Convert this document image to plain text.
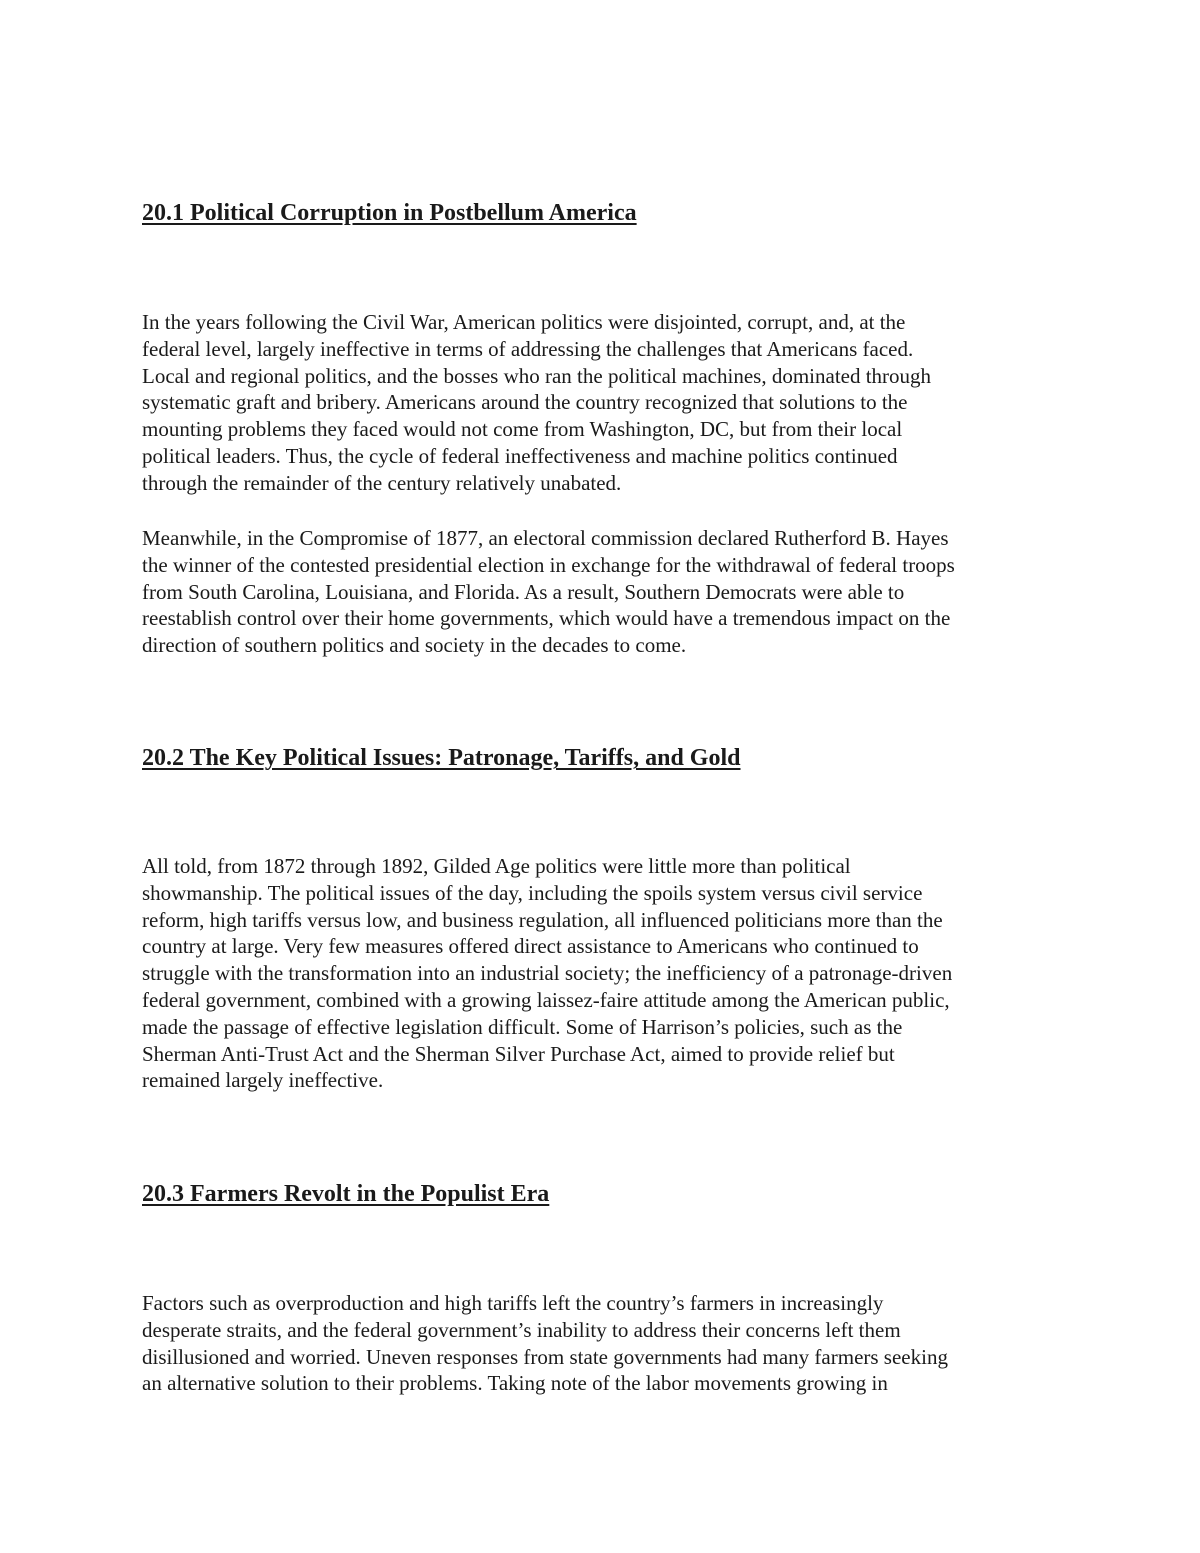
20.1 Political Corruption in Postbellum America

In the years following the Civil War, American politics were disjointed, corrupt, and, at the
federal level, largely ineffective in terms of addressing the challenges that Americans faced.
Local and regional politics, and the bosses who ran the political machines, dominated through
systematic graft and bribery. Americans around the country recognized that solutions to the
mounting problems they faced would not come from Washington, DC, but from their local
political leaders. Thus, the cycle of federal ineffectiveness and machine politics continued
through the remainder of the century relatively unabated.

Meanwhile, in the Compromise of 1877, an electoral commission declared Rutherford B. Hayes
the winner of the contested presidential election in exchange for the withdrawal of federal troops
from South Carolina, Louisiana, and Florida. As a result, Southern Democrats were able to
reestablish control over their home governments, which would have a tremendous impact on the
direction of southern politics and society in the decades to come.

20.2 The Key Political Issues: Patronage, Tariffs, and Gold

All told, from 1872 through 1892, Gilded Age politics were little more than political
showmanship. The political issues of the day, including the spoils system versus civil service
reform, high tariffs versus low, and business regulation, all influenced politicians more than the
country at large. Very few measures offered direct assistance to Americans who continued to
struggle with the transformation into an industrial society; the inefficiency of a patronage-driven
federal government, combined with a growing laissez-faire attitude among the American public,
made the passage of effective legislation difficult. Some of Harrison’s policies, such as the
Sherman Anti-Trust Act and the Sherman Silver Purchase Act, aimed to provide relief but
remained largely ineffective.

20.3 Farmers Revolt in the Populist Era

Factors such as overproduction and high tariffs left the country’s farmers in increasingly
desperate straits, and the federal government’s inability to address their concerns left them
disillusioned and worried. Uneven responses from state governments had many farmers seeking
an alternative solution to their problems. Taking note of the labor movements growing in
